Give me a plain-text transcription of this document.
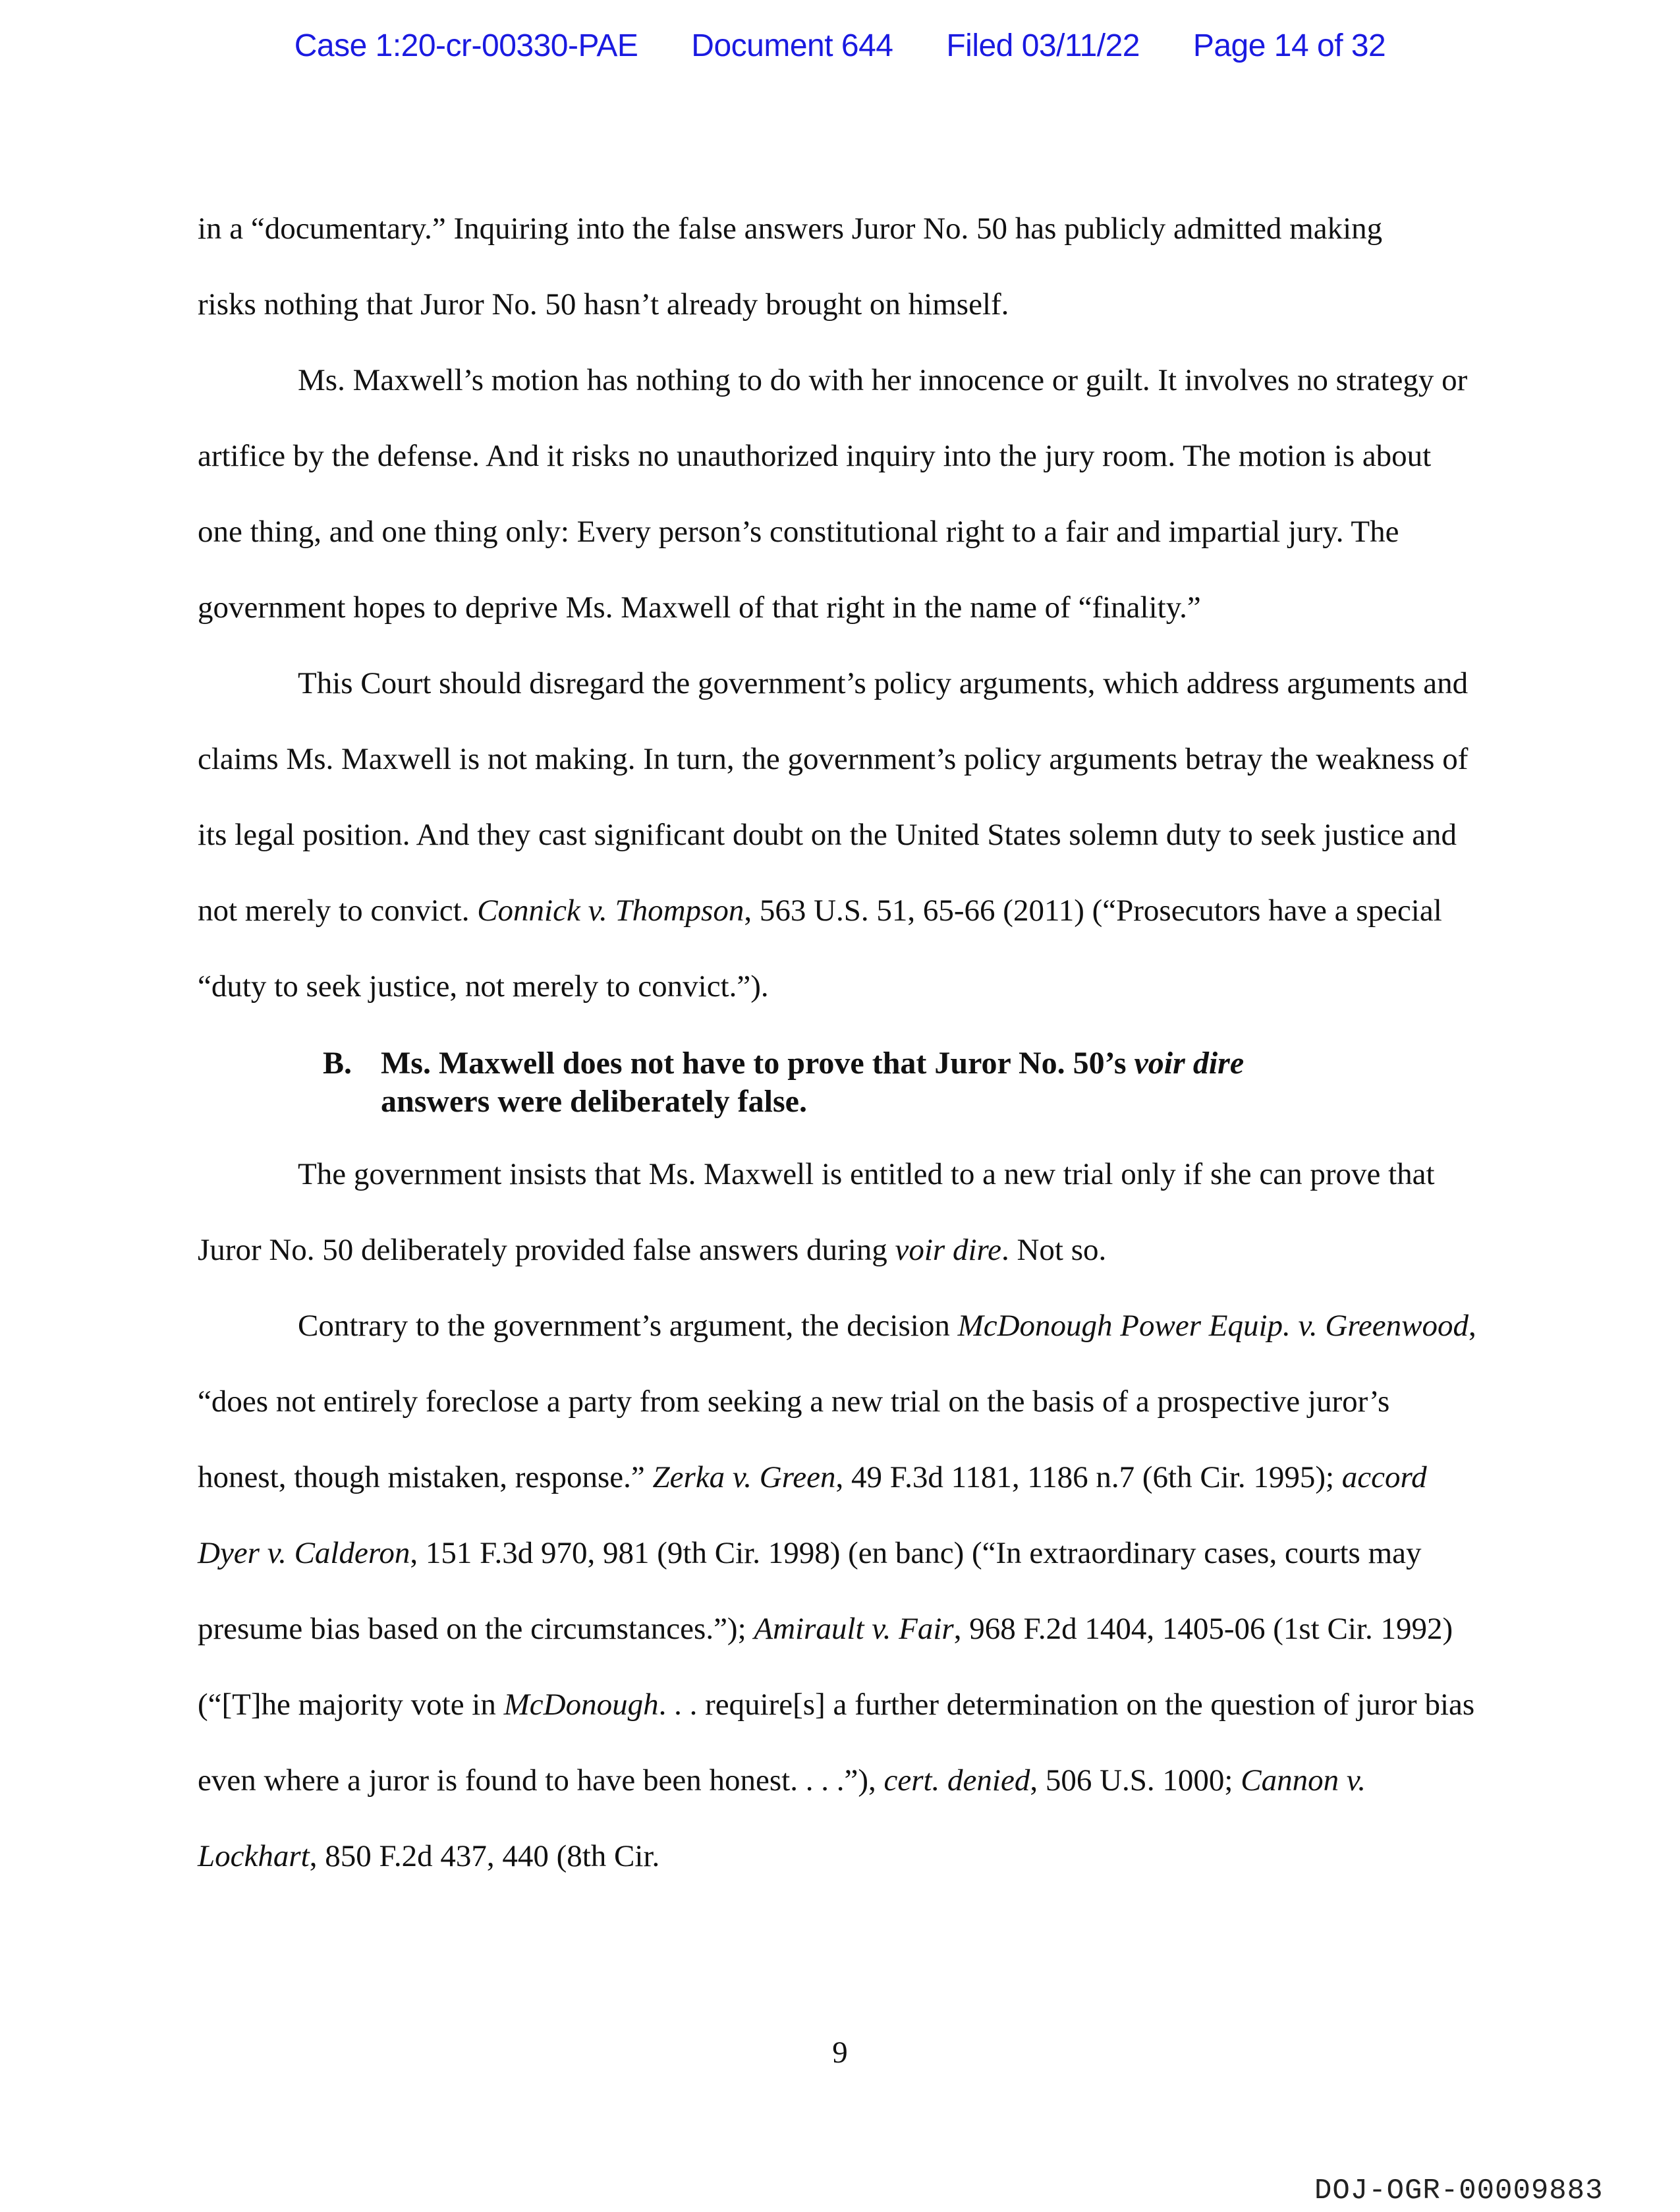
Case 1:20-cr-00330-PAE Document 644 Filed 03/11/22 Page 14 of 32

in a “documentary.” Inquiring into the false answers Juror No. 50 has publicly admitted making
risks nothing that Juror No. 50 hasn’t already brought on himself.

Ms. Maxwell’s motion has nothing to do with her innocence or guilt. It involves no strategy or artifice by the defense. And it risks no unauthorized inquiry into the jury room. The motion is about one thing, and one thing only: Every person’s constitutional right to a fair and impartial jury. The government hopes to deprive Ms. Maxwell of that right in the name of “finality.”

This Court should disregard the government’s policy arguments, which address arguments and claims Ms. Maxwell is not making. In turn, the government’s policy arguments betray the weakness of its legal position. And they cast significant doubt on the United States solemn duty to seek justice and not merely to convict. Connick v. Thompson, 563 U.S. 51, 65-66 (2011) (“Prosecutors have a special “duty to seek justice, not merely to convict.”).

B. Ms. Maxwell does not have to prove that Juror No. 50’s voir dire
answers were deliberately false.

The government insists that Ms. Maxwell is entitled to a new trial only if she can prove that Juror No. 50 deliberately provided false answers during voir dire. Not so.

Contrary to the government’s argument, the decision McDonough Power Equip. v. Greenwood, “does not entirely foreclose a party from seeking a new trial on the basis of a prospective juror’s honest, though mistaken, response.” Zerka v. Green, 49 F.3d 1181, 1186 n.7 (6th Cir. 1995); accord Dyer v. Calderon, 151 F.3d 970, 981 (9th Cir. 1998) (en banc) (“In extraordinary cases, courts may presume bias based on the circumstances.”); Amirault v. Fair, 968 F.2d 1404, 1405-06 (1st Cir. 1992) (“[T]he majority vote in McDonough. . . require[s] a further determination on the question of juror bias even where a juror is found to have been honest. . . .”), cert. denied, 506 U.S. 1000; Cannon v. Lockhart, 850 F.2d 437, 440 (8th Cir.

9
DOJ-OGR-00009883
